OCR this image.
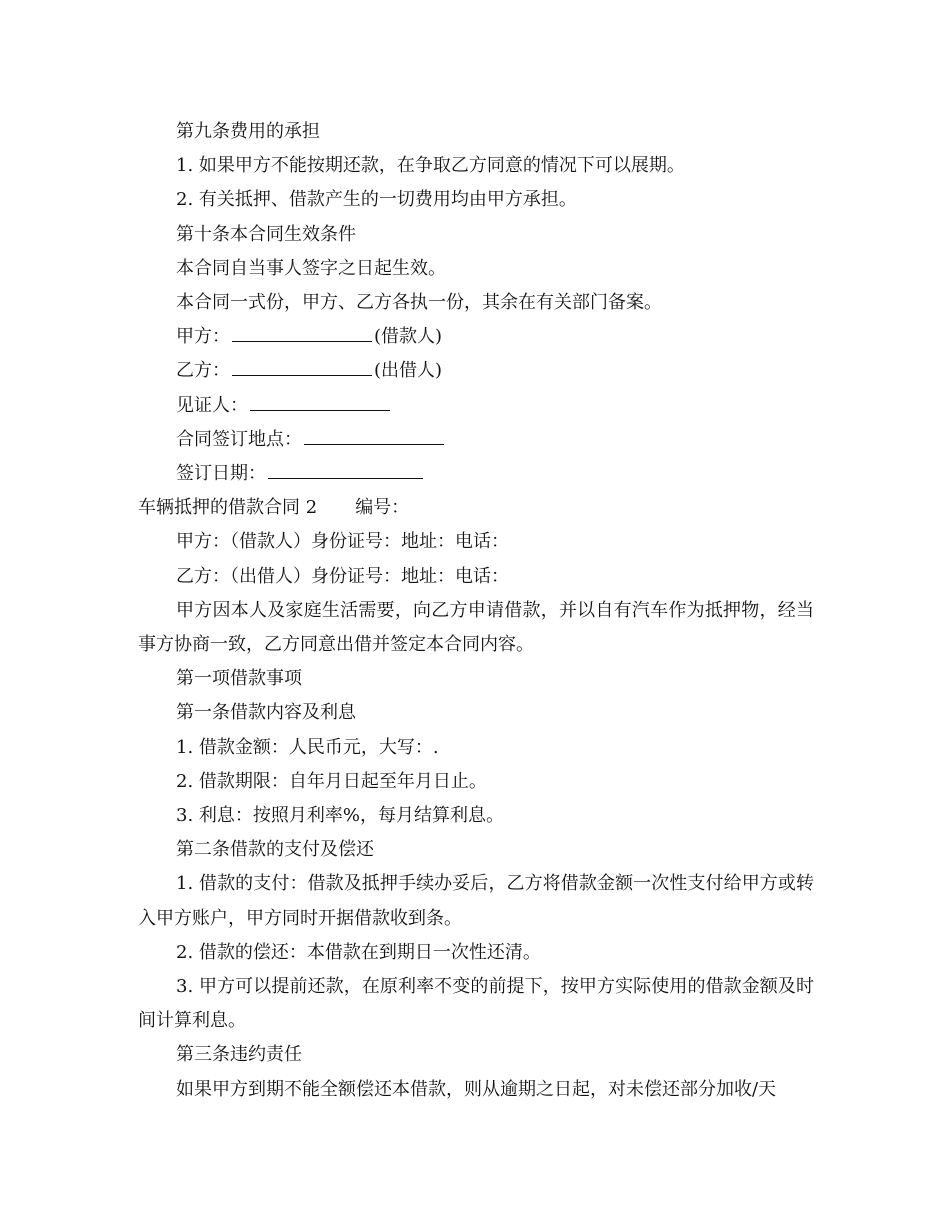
第九条费用的承担

1. 如果甲方不能按期还款，在争取乙方同意的情况下可以展期。

2. 有关抵押、借款产生的一切费用均由甲方承担。

第十条本合同生效条件

本合同自当事人签字之日起生效。

本合同一式份，甲方、乙方各执一份，其余在有关部门备案。

甲方：	(借款人)

乙方：	(出借人)

见证人：

合同签订地点：

签订日期：

车辆抵押的借款合同 2 编号：

甲方：（借款人）身份证号：地址：电话：

乙方：（出借人）身份证号：地址：电话：

甲方因本人及家庭生活需要，向乙方申请借款，并以自有汽车作为抵押物，经当事方协商一致，乙方同意出借并签定本合同内容。

第一项借款事项

第一条借款内容及利息

1. 借款金额：人民币元，大写：.

2. 借款期限：自年月日起至年月日止。

3. 利息：按照月利率%，每月结算利息。

第二条借款的支付及偿还

1. 借款的支付：借款及抵押手续办妥后，乙方将借款金额一次性支付给甲方或转入甲方账户，甲方同时开据借款收到条。

2. 借款的偿还：本借款在到期日一次性还清。

3. 甲方可以提前还款，在原利率不变的前提下，按甲方实际使用的借款金额及时间计算利息。

第三条违约责任

如果甲方到期不能全额偿还本借款，则从逾期之日起，对未偿还部分加收/天
